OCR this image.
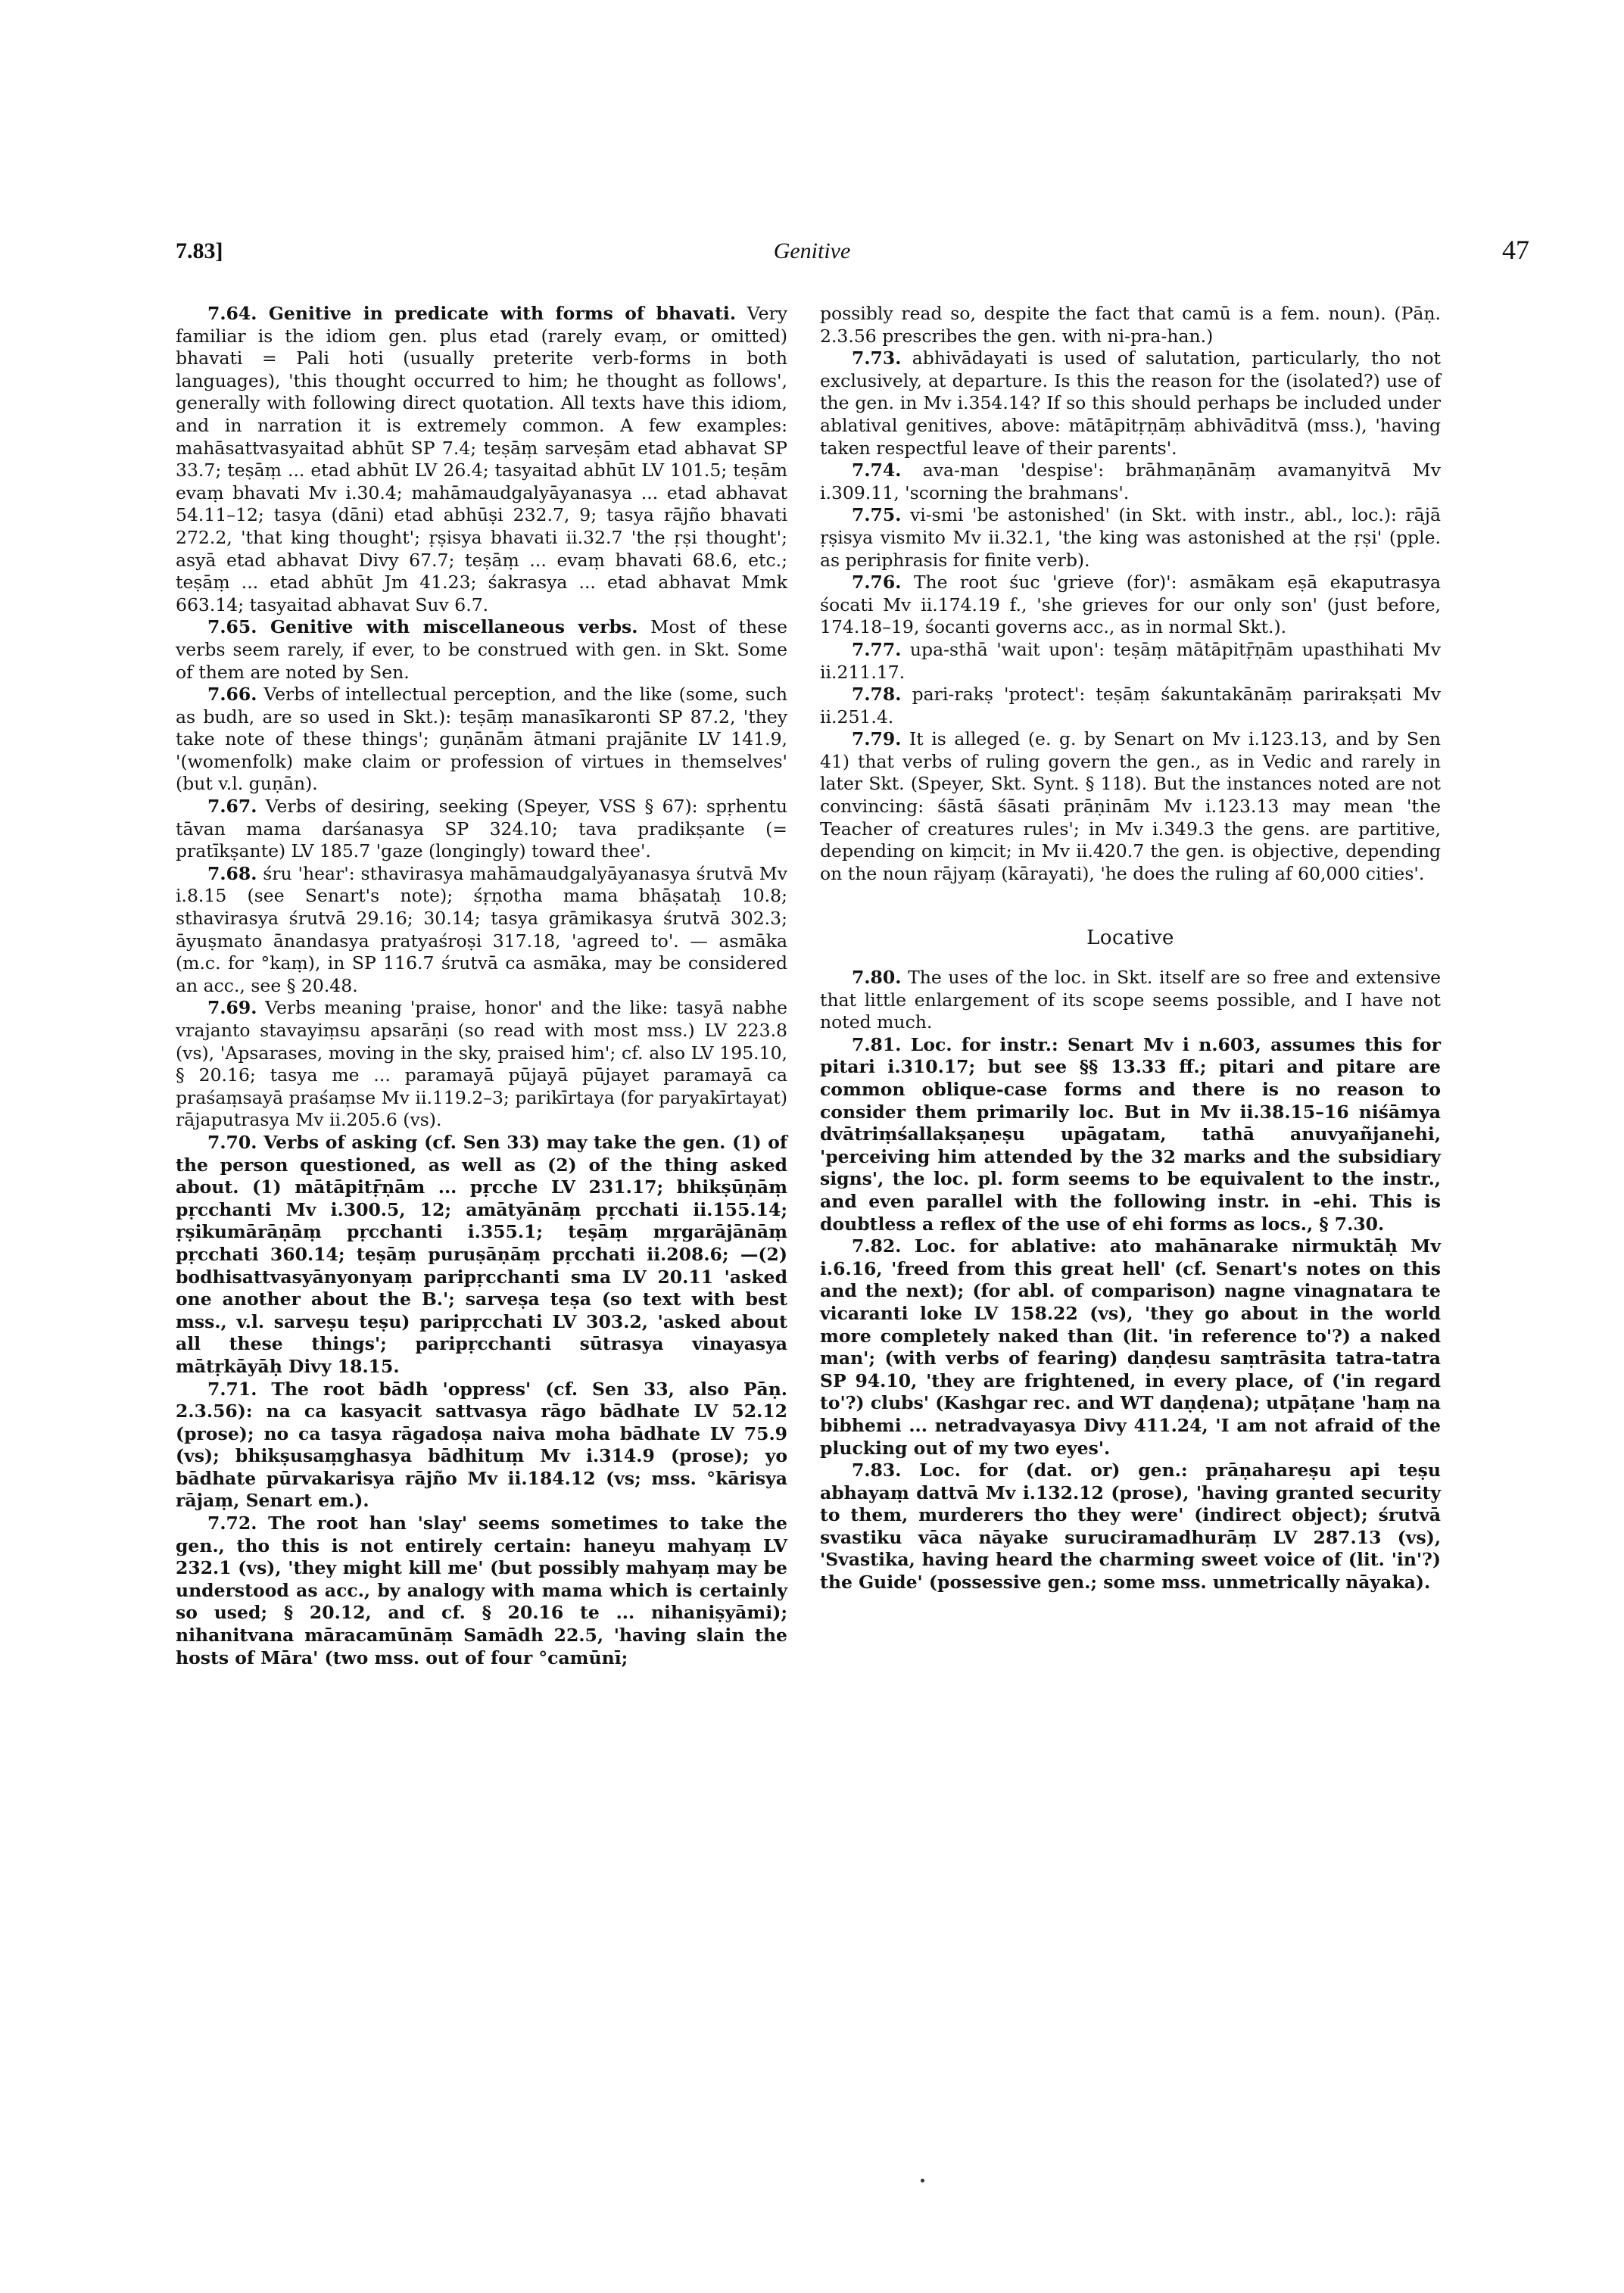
7.83]	Genitive	47

7.64. Genitive in predicate with forms of bhavati. Very familiar is the idiom gen. plus etad (rarely evaṃ, or omitted) bhavati = Pali hoti (usually preterite verb-forms in both languages), 'this thought occurred to him; he thought as follows', generally with following direct quotation. All texts have this idiom, and in narration it is extremely common. A few examples: mahāsattvasyaitad abhūt SP 7.4; teṣāṃ sarveṣām etad abhavat SP 33.7; teṣāṃ ... etad abhūt LV 26.4; tasyaitad abhūt LV 101.5; teṣām evaṃ bhavati Mv i.30.4; mahāmaudgalyāyanasya ... etad abhavat 54.11–12; tasya (dāni) etad abhūṣi 232.7, 9; tasya rājño bhavati 272.2, 'that king thought'; ṛṣisya bhavati ii.32.7 'the ṛṣi thought'; asyā etad abhavat Divy 67.7; teṣāṃ ... evaṃ bhavati 68.6, etc.; teṣāṃ ... etad abhūt Jm 41.23; śakrasya ... etad abhavat Mmk 663.14; tasyaitad abhavat Suv 6.7.

7.65. Genitive with miscellaneous verbs. Most of these verbs seem rarely, if ever, to be construed with gen. in Skt. Some of them are noted by Sen.

7.66. Verbs of intellectual perception, and the like (some, such as budh, are so used in Skt.): teṣāṃ manasīkaronti SP 87.2, 'they take note of these things'; guṇānām ātmani prajānite LV 141.9, '(womenfolk) make claim or profession of virtues in themselves' (but v.l. guṇān).

7.67. Verbs of desiring, seeking (Speyer, VSS § 67): spṛhentu tāvan mama darśanasya SP 324.10; tava pradikṣante (= pratīkṣante) LV 185.7 'gaze (longingly) toward thee'.

7.68. śru 'hear': sthavirasya mahāmaudgalyāyanasya śrutvā Mv i.8.15 (see Senart's note); śṛṇotha mama bhāṣataḥ 10.8; sthavirasya śrutvā 29.16; 30.14; tasya grāmikasya śrutvā 302.3; āyuṣmato ānandasya pratyaśroṣi 317.18, 'agreed to'. — asmāka (m.c. for °kaṃ), in SP 116.7 śrutvā ca asmāka, may be considered an acc., see § 20.48.

7.69. Verbs meaning 'praise, honor' and the like: tasyā nabhe vrajanto stavayiṃsu apsarāṇi (so read with most mss.) LV 223.8 (vs), 'Apsarases, moving in the sky, praised him'; cf. also LV 195.10, § 20.16; tasya me ... paramayā pūjayā pūjayet paramayā ca praśaṃsayā praśaṃse Mv ii.119.2–3; parikīrtaya (for paryakīrtayat) rājaputrasya Mv ii.205.6 (vs).

7.70. Verbs of asking (cf. Sen 33) may take the gen. (1) of the person questioned, as well as (2) of the thing asked about. (1) mātāpitṝṇām ... pṛcche LV 231.17; bhikṣūṇāṃ pṛcchanti Mv i.300.5, 12; amātyānāṃ pṛcchati ii.155.14; ṛṣikumārāṇāṃ pṛcchanti i.355.1; teṣāṃ mṛgarājānāṃ pṛcchati 360.14; teṣāṃ puruṣāṇāṃ pṛcchati ii.208.6; —(2) bodhisattvasyānyonyaṃ paripṛcchanti sma LV 20.11 'asked one another about the B.'; sarveṣa teṣa (so text with best mss., v.l. sarveṣu teṣu) paripṛcchati LV 303.2, 'asked about all these things'; paripṛcchanti sūtrasya vinayasya mātṛkāyāḥ Divy 18.15.

7.71. The root bādh 'oppress' (cf. Sen 33, also Pāṇ. 2.3.56): na ca kasyacit sattvasya rāgo bādhate LV 52.12 (prose); no ca tasya rāgadoṣa naiva moha bādhate LV 75.9 (vs); bhikṣusaṃghasya bādhituṃ Mv i.314.9 (prose); yo bādhate pūrvakarisya rājño Mv ii.184.12 (vs; mss. °kārisya rājaṃ, Senart em.).

7.72. The root han 'slay' seems sometimes to take the gen., tho this is not entirely certain: haneyu mahyaṃ LV 232.1 (vs), 'they might kill me' (but possibly mahyaṃ may be understood as acc., by analogy with mama which is certainly so used; § 20.12, and cf. § 20.16 te ... nihaniṣyāmi); nihanitvana māracamūnāṃ Samādh 22.5, 'having slain the hosts of Māra' (two mss. out of four °camūnī;

possibly read so, despite the fact that camū is a fem. noun). (Pāṇ. 2.3.56 prescribes the gen. with ni-pra-han.)

7.73. abhivādayati is used of salutation, particularly, tho not exclusively, at departure. Is this the reason for the (isolated?) use of the gen. in Mv i.354.14? If so this should perhaps be included under ablatival genitives, above: mātāpitṛṇāṃ abhivāditvā (mss.), 'having taken respectful leave of their parents'.

7.74. ava-man 'despise': brāhmaṇānāṃ avamanyitvā Mv i.309.11, 'scorning the brahmans'.

7.75. vi-smi 'be astonished' (in Skt. with instr., abl., loc.): rājā ṛṣisya vismito Mv ii.32.1, 'the king was astonished at the ṛṣi' (pple. as periphrasis for finite verb).

7.76. The root śuc 'grieve (for)': asmākam eṣā ekaputrasya śocati Mv ii.174.19 f., 'she grieves for our only son' (just before, 174.18–19, śocanti governs acc., as in normal Skt.).

7.77. upa-sthā 'wait upon': teṣāṃ mātāpitṝṇām upasthihati Mv ii.211.17.

7.78. pari-rakṣ 'protect': teṣāṃ śakuntakānāṃ parirakṣati Mv ii.251.4.

7.79. It is alleged (e. g. by Senart on Mv i.123.13, and by Sen 41) that verbs of ruling govern the gen., as in Vedic and rarely in later Skt. (Speyer, Skt. Synt. § 118). But the instances noted are not convincing: śāstā śāsati prāṇinām Mv i.123.13 may mean 'the Teacher of creatures rules'; in Mv i.349.3 the gens. are partitive, depending on kiṃcit; in Mv ii.420.7 the gen. is objective, depending on the noun rājyaṃ (kārayati), 'he does the ruling af 60,000 cities'.

Locative

7.80. The uses of the loc. in Skt. itself are so free and extensive that little enlargement of its scope seems possible, and I have not noted much.

7.81. Loc. for instr.: Senart Mv i n.603, assumes this for pitari i.310.17; but see §§ 13.33 ff.; pitari and pitare are common oblique-case forms and there is no reason to consider them primarily loc. But in Mv ii.38.15–16 niśāmya dvātriṃśallakṣaṇeṣu upāgatam, tathā anuvyañjanehi, 'perceiving him attended by the 32 marks and the subsidiary signs', the loc. pl. form seems to be equivalent to the instr., and even parallel with the following instr. in -ehi. This is doubtless a reflex of the use of ehi forms as locs., § 7.30.

7.82. Loc. for ablative: ato mahānarake nirmuktāḥ Mv i.6.16, 'freed from this great hell' (cf. Senart's notes on this and the next); (for abl. of comparison) nagne vinagnatara te vicaranti loke LV 158.22 (vs), 'they go about in the world more completely naked than (lit. 'in reference to'?) a naked man'; (with verbs of fearing) daṇḍesu saṃtrāsita tatra-tatra SP 94.10, 'they are frightened, in every place, of ('in regard to'?) clubs' (Kashgar rec. and WT daṇḍena); utpāṭane 'haṃ na bibhemi ... netradvayasya Divy 411.24, 'I am not afraid of the plucking out of my two eyes'.

7.83. Loc. for (dat. or) gen.: prāṇahareṣu api teṣu abhayaṃ dattvā Mv i.132.12 (prose), 'having granted security to them, murderers tho they were' (indirect object); śrutvā svastiku vāca nāyake suruciramadhurāṃ LV 287.13 (vs), 'Svastika, having heard the charming sweet voice of (lit. 'in'?) the Guide' (possessive gen.; some mss. unmetrically nāyaka).
